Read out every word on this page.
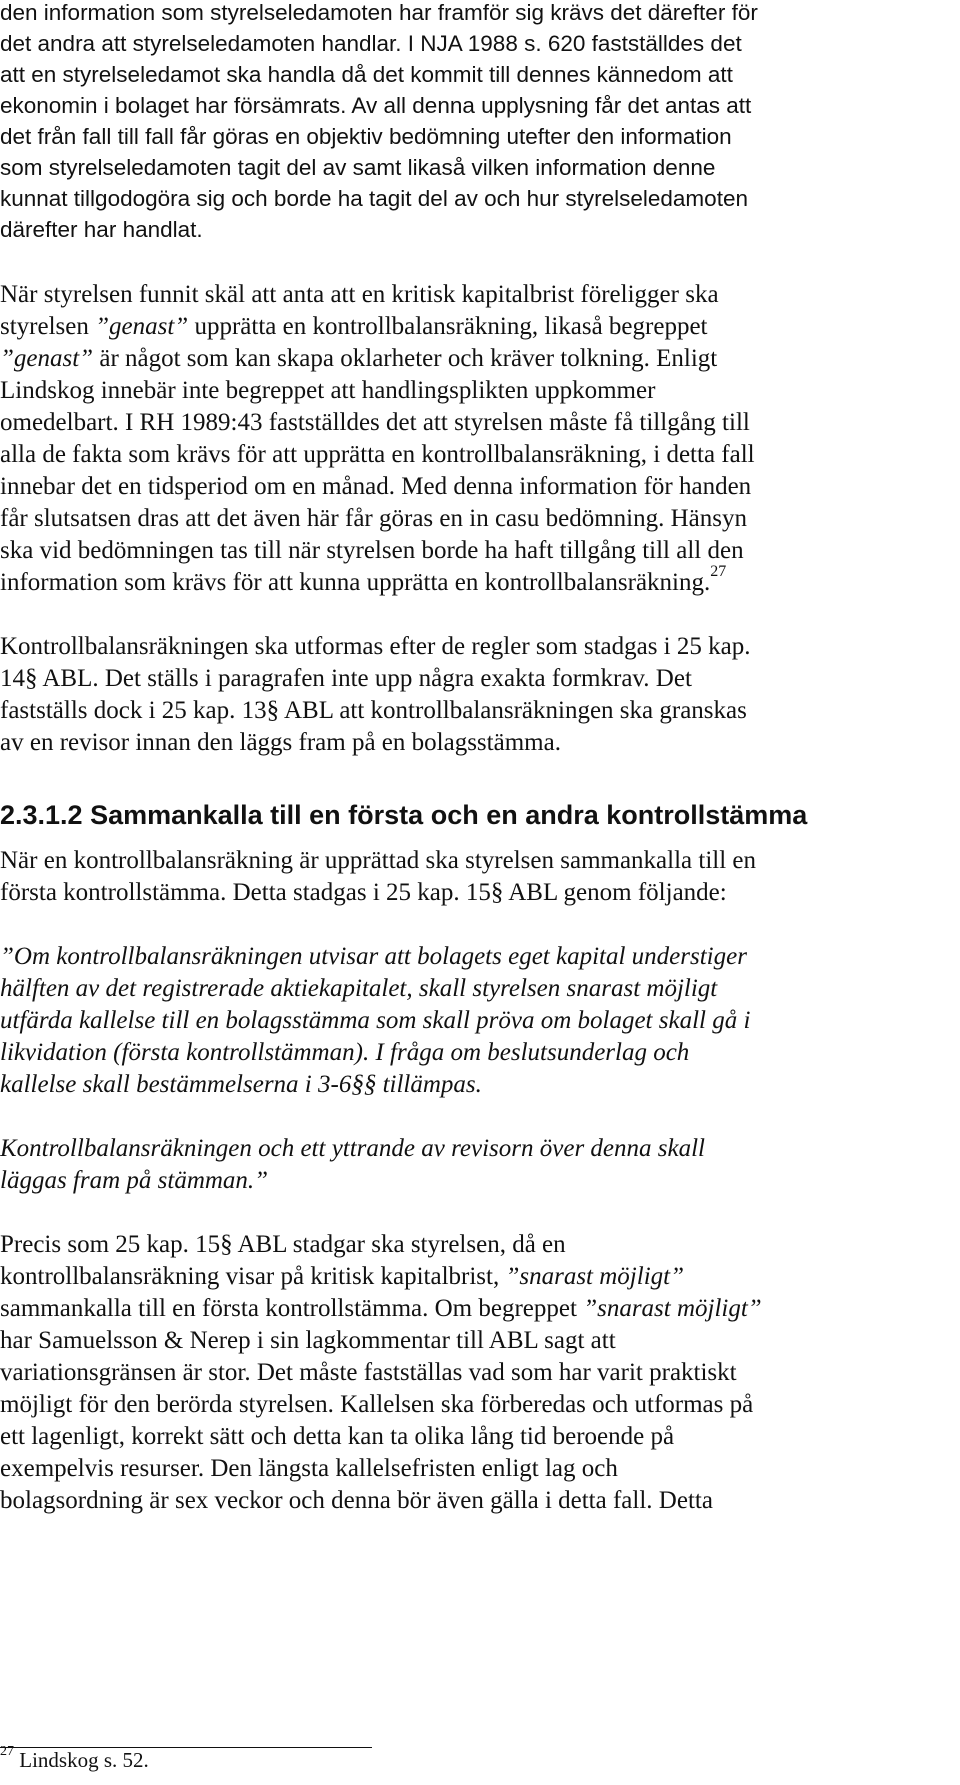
den information som styrelseledamoten har framför sig krävs det därefter för
det andra att styrelseledamoten handlar. I NJA 1988 s. 620 fastställdes det
att en styrelseledamot ska handla då det kommit till dennes kännedom att
ekonomin i bolaget har försämrats. Av all denna upplysning får det antas att
det från fall till fall får göras en objektiv bedömning utefter den information
som styrelseledamoten tagit del av samt likaså vilken information denne
kunnat tillgodogöra sig och borde ha tagit del av och hur styrelseledamoten
därefter har handlat.
När styrelsen funnit skäl att anta att en kritisk kapitalbrist föreligger ska
styrelsen ”genast” upprätta en kontrollbalansräkning, likaså begreppet
”genast” är något som kan skapa oklarheter och kräver tolkning. Enligt
Lindskog innebär inte begreppet att handlingsplikten uppkommer
omedelbart. I RH 1989:43 fastställdes det att styrelsen måste få tillgång till
alla de fakta som krävs för att upprätta en kontrollbalansräkning, i detta fall
innebar det en tidsperiod om en månad. Med denna information för handen
får slutsatsen dras att det även här får göras en in casu bedömning. Hänsyn
ska vid bedömningen tas till när styrelsen borde ha haft tillgång till all den
information som krävs för att kunna upprätta en kontrollbalansräkning.$^{27}$
Kontrollbalansräkningen ska utformas efter de regler som stadgas i 25 kap.
14§ ABL. Det ställs i paragrafen inte upp några exakta formkrav. Det
fastställs dock i 25 kap. 13§ ABL att kontrollbalansräkningen ska granskas
av en revisor innan den läggs fram på en bolagsstämma.
2.3.1.2 Sammankalla till en första och en andra kontrollstämma
När en kontrollbalansräkning är upprättad ska styrelsen sammankalla till en
första kontrollstämma. Detta stadgas i 25 kap. 15§ ABL genom följande:
”Om kontrollbalansräkningen utvisar att bolagets eget kapital understiger
hälften av det registrerade aktiekapitalet, skall styrelsen snarast möjligt
utfärda kallelse till en bolagsstämma som skall pröva om bolaget skall gå i
likvidation (första kontrollstämman). I fråga om beslutsunderlag och
kallelse skall bestämmelserna i 3-6§§ tillämpas.
Kontrollbalansräkningen och ett yttrande av revisorn över denna skall
läggas fram på stämman.”
Precis som 25 kap. 15§ ABL stadgar ska styrelsen, då en
kontrollbalansräkning visar på kritisk kapitalbrist, ”snarast möjligt”
sammankalla till en första kontrollstämma. Om begreppet ”snarast möjligt”
har Samuelsson & Nerep i sin lagkommentar till ABL sagt att
variationsgränsen är stor. Det måste fastställas vad som har varit praktiskt
möjligt för den berörda styrelsen. Kallelsen ska förberedas och utformas på
ett lagenligt, korrekt sätt och detta kan ta olika lång tid beroende på
exempelvis resurser. Den längsta kallelsefristen enligt lag och
bolagsordning är sex veckor och denna bör även gälla i detta fall. Detta
$^{27}$ Lindskog s. 52.
